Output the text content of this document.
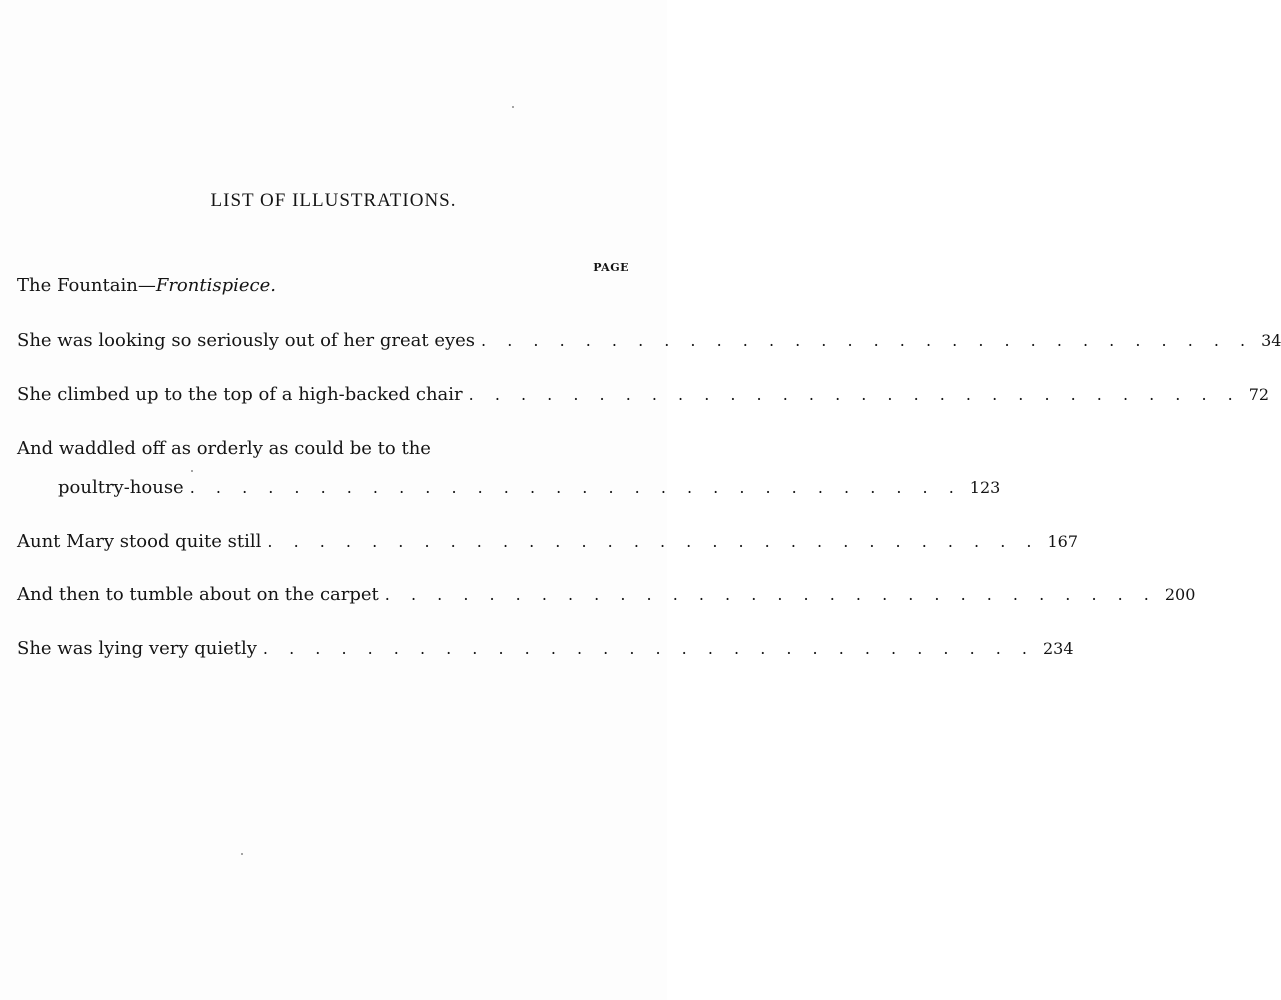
LIST OF ILLUSTRATIONS.
PAGE
The Fountain—Frontispiece.
She was looking so seriously out of her great eyes . . . . . . . . . . . . . . . . . . . . . . . . . . . . . . 34
She climbed up to the top of a high-backed chair . . . . . . . . . . . . . . . . . . . . . . . . . . . . . . 72
And waddled off as orderly as could be to the
poultry-house . . . . . . . . . . . . . . . . . . . . . . . . . . . . . . 123
Aunt Mary stood quite still . . . . . . . . . . . . . . . . . . . . . . . . . . . . . . 167
And then to tumble about on the carpet . . . . . . . . . . . . . . . . . . . . . . . . . . . . . . 200
She was lying very quietly . . . . . . . . . . . . . . . . . . . . . . . . . . . . . . 234
